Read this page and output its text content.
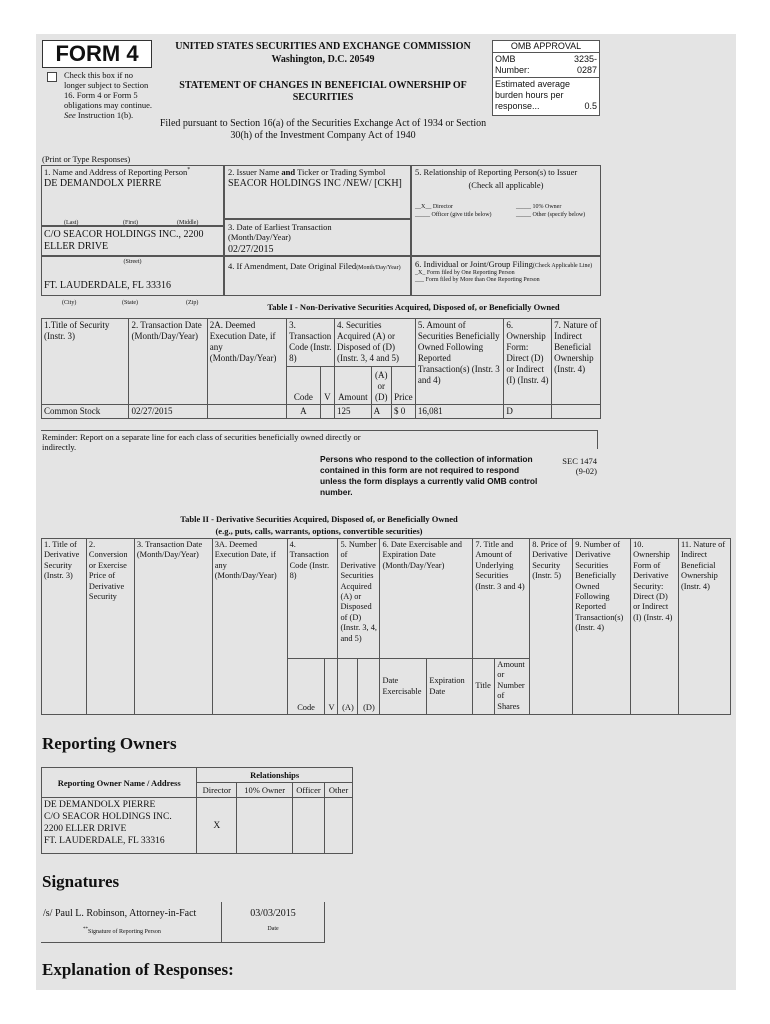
FORM 4
Check this box if no longer subject to Section 16. Form 4 or Form 5 obligations may continue. See Instruction 1(b).
UNITED STATES SECURITIES AND EXCHANGE COMMISSION
Washington, D.C. 20549
STATEMENT OF CHANGES IN BENEFICIAL OWNERSHIP OF SECURITIES
Filed pursuant to Section 16(a) of the Securities Exchange Act of 1934 or Section 30(h) of the Investment Company Act of 1940
OMB APPROVAL
OMB Number:
3235-0287
Estimated average burden hours per response...	0.5
(Print or Type Responses)
1. Name and Address of Reporting Person*
DE DEMANDOLX PIERRE
(Last)	(First)	(Middle)
C/O SEACOR HOLDINGS INC., 2200 ELLER DRIVE
(Street)
FT. LAUDERDALE, FL 33316
(City)	(State)	(Zip)
2. Issuer Name and Ticker or Trading Symbol
SEACOR HOLDINGS INC /NEW/ [CKH]
3. Date of Earliest Transaction (Month/Day/Year)
02/27/2015
4. If Amendment, Date Original Filed(Month/Day/Year)
5. Relationship of Reporting Person(s) to Issuer
(Check all applicable)
__X__ Director	_____ 10% Owner
_____ Officer (give title below)	_____ Other (specify below)
6. Individual or Joint/Group Filing(Check Applicable Line)
_X_ Form filed by One Reporting Person
___ Form filed by More than One Reporting Person
Table I - Non-Derivative Securities Acquired, Disposed of, or Beneficially Owned
1.Title of Security (Instr. 3)	2. Transaction Date (Month/Day/Year)	2A. Deemed Execution Date, if any (Month/Day/Year)	3. Transaction Code (Instr. 8)		4. Securities Acquired (A) or Disposed of (D) (Instr. 3, 4 and 5)			5. Amount of Securities Beneficially Owned Following Reported Transaction(s) (Instr. 3 and 4)	6. Ownership Form: Direct (D) or Indirect (I) (Instr. 4)	7. Nature of Indirect Beneficial Ownership (Instr. 4)
			Code	V	Amount	(A) or (D)	Price			
Common Stock	02/27/2015		A		125	A	$ 0	16,081	D	
Reminder: Report on a separate line for each class of securities beneficially owned directly or indirectly.
Persons who respond to the collection of information contained in this form are not required to respond unless the form displays a currently valid OMB control number.
SEC 1474
(9-02)
Table II - Derivative Securities Acquired, Disposed of, or Beneficially Owned
(e.g., puts, calls, warrants, options, convertible securities)
1. Title of Derivative Security (Instr. 3)	2. Conversion or Exercise Price of Derivative Security	3. Transaction Date (Month/Day/Year)	3A. Deemed Execution Date, if any (Month/Day/Year)	4. Transaction Code (Instr. 8)		5. Number of Derivative Securities Acquired (A) or Disposed of (D) (Instr. 3, 4, and 5)		6. Date Exercisable and Expiration Date (Month/Day/Year)		7. Title and Amount of Underlying Securities (Instr. 3 and 4)		8. Price of Derivative Security (Instr. 5)	9. Number of Derivative Securities Beneficially Owned Following Reported Transaction(s) (Instr. 4)	10. Ownership Form of Derivative Security: Direct (D) or Indirect (I) (Instr. 4)	11. Nature of Indirect Beneficial Ownership (Instr. 4)
				Code	V	(A)	(D)	Date Exercisable	Expiration Date	Title	Amount or Number of Shares				
Reporting Owners
Reporting Owner Name / Address	Relationships			
	Director	10% Owner	Officer	Other
DE DEMANDOLX PIERRE
C/O SEACOR HOLDINGS INC.
2200 ELLER DRIVE
FT. LAUDERDALE, FL 33316	X			
Signatures
/s/ Paul L. Robinson, Attorney-in-Fact
**Signature of Reporting Person
03/03/2015
Date
Explanation of Responses:
